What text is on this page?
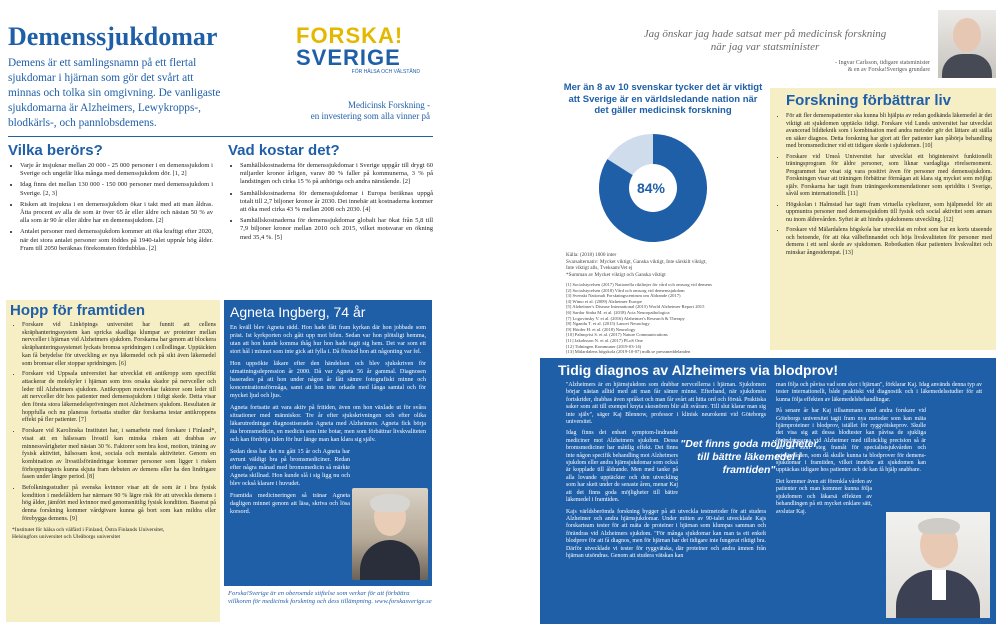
Demenssjukdomar
Demens är ett samlingsnamn på ett flertal sjukdomar i hjärnan som gör det svårt att minnas och tolka sin omgivning. De vanligaste sjukdomarna är Alzheimers, Lewykropps-, blodkärls-, och pannlobsdemens.
FORSKA!
SVERIGE
FÖR HÄLSA OCH VÄLSTÅND
Medicinsk Forskning -
en investering som alla vinner på
Vilka berörs?
• Varje år insjuknar mellan 20 000 - 25 000 personer i en demenssjukdom i Sverige och ungefär lika många med demenssjukdom dör. [1, 2]
• Idag finns det mellan 130 000 - 150 000 personer med demenssjukdom i Sverige. [2, 3]
• Risken att insjukna i en demenssjukdom ökar i takt med att man åldras. Åtta procent av alla de som är över 65 år eller äldre och nästan 50 % av alla som är 90 år eller äldre har en demenssjukdom. [2]
• Antalet personer med demenssjukdom kommer att öka kraftigt efter 2020, när det stora antalet personer som föddes på 1940-talet uppnår hög ålder. Fram till 2050 beräknas förekomsten fördubblas. [2]
Vad kostar det?
• Samhällskostnaderna för demenssjukdomar i Sverige uppgår till drygt 60 miljarder kronor årligen, varav 80 % faller på kommunerna, 3 % på landstingen och cirka 15 % på anhöriga och andra närstående. [2]
• Samhällskostnaderna för demenssjukdomar i Europa beräknas uppgå totalt till 2,7 biljoner kronor år 2030. Det innebär att kostnaderna kommer att öka med cirka 43 % mellan 2008 och 2030. [4]
• Samhällskostnaderna för demenssjukdomar globalt har ökat från 5,8 till 7,9 biljoner kronor mellan 2010 och 2015, vilket motsvarar en ökning med 35,4 %. [5]
Hopp för framtiden
• Forskare vid Linköpings universitet har funnit att cellens skräphanteringssystem kan spricka skadliga klumpar av proteiner mellan nervceller i hjärnan vid Alzheimers sjukdom. Forskarna har genom att blockera skräphanteringssystemet lyckats bromsa spridningen i cellodlingar. Upptäckten kan få betydelse för utveckling av nya läkemedel och på sikt även läkemedel som bromsar eller stoppar spridningen. [6]
• Forskare vid Uppsala universitet har utvecklat ett antikropp som specifikt attackerar de molekyler i hjärnan som tros orsaka skador på nervceller och leder till Alzheimers sjukdom. Antikroppen motverkar faktorer som leder till att nervceller dör hos patienter med demenssjukdom i tidigt skede. Detta visar den första stora läkemedelsprövningen mot Alzheimers sjukdom. Resultaten är hoppfulla och nu planeras fortsatta studier där forskarna testar antikroppens effekt på fler patienter. [7]
• Forskare vid Karolinska Institutet har, i samarbete med forskare i Finland*, visat att en hälsosam livsstil kan minska risken att drabbas av minnessvårigheter med nästan 30 %. Faktorer som bra kost, motion, träning av fysisk aktivitet, hälsosam kost, sociala och mentala aktiviteter. Genom en kombination av livsstilsförändringar kommer personer som ligger i risken förhoppningsvis kunna skjuta fram debuten av demens eller ha den lindrigare fasen under längre period. [8]
• Befolkningsstudier på svenska kvinnor visar att de som är i bra fysisk kondition i medelåldern har närmare 90 % lägre risk för att utveckla demens i hög ålder, jämfört med kvinnor med genomsnittlig fysisk kondition. Baserat på denna forskning kommer vårdgivare kunna gå bort som kan mildra eller förebygga demens. [9]
*Institutet för hälsa och välfärd i Finland, Östra Finlands Universitet,
Helsingfors universitet och Uleåborgs universitet
Agneta Ingberg, 74 år

En kväll blev Agneta rädd. Hon hade fått fram kyrkan där hon jobbade som präst. Ist kyrkporten och gått upp mot bilen. Sedan var hon plötsligt hemma, utan att hon kunde komma ihåg hur hon hade tagit sig hem. Det var som ett stort hål i minnet som inte gick att fylla i. Då förstod hon att någonting var fel.

Hon uppsökte läkare efter den händelsen och blev sjukskriven för utmattningsdepression år 2000. Då var Agneta 56 år gammal. Diagnosen baserades på att hon under någon år fått sämre fotografiskt minne och koncentrationsförmåga, samt att hon inte orkade med långa samtal och för mycket ljud och ljus.

Agneta fortsatte att vara aktiv på fritiden, även om hon växlade ut för svåra situationer med människor. Tre år efter sjukskrivningen och efter olika läkarutredningar diagnostiserades Agneta med Alzheimers. Agneta fick börja äta bromsmedicin, en medicin som inte botar, men som förbättrar livskvaliteten och kan fördröja tiden för hur länge man kan klara sig själv.

Sedan dess har det nu gått 15 år och Agneta har avrunt väldigt bra på bromsmediciner. Redan efter några månad med bromsmedicin så märkte Agneta skillnad. Hon kunde slå i sig ligg nu och blev också klarare i huvudet.

Framtida medicineringen så tränar Agneta dagligen minnet genom att läsa, skriva och lösa korsord.

Forska!Sverige är en oberoende stiftelse som verkar för att förbättra villkoren för medicinsk forskning och dess tillämpning. www.forskasverige.se
Jag önskar jag hade satsat mer på medicinsk forskning när jag var statsminister
- Ingvar Carlsson, tidigare statsminister
& en av Forska!Sveriges grundare
Mer än 8 av 10 svenskar tycker det är viktigt att Sverige är en världsledande nation när det gäller medicinsk forskning
84%
Källa: (2018) 1000 inter
Svarsalternativ: Mycket viktigt, Ganska viktigt, Inte särskilt viktigt,
Inte viktigt alls, Tveksam/Vet ej
*Summan av Mycket viktigt och Ganska viktigt
[1] Socialstyrelsen (2017) Nationella riktlinjer för vård och omsorg vid demens
[2] Socialstyrelsen (2018) Vård och omsorg vid demenssjukdom
[3] Svenskt Nationalt Forskningscentrum om Åldrande (2017)
[4] Wimo et al. (2009) Alzheimer Europe
[5] Alzheimer's Disease International (2015) World Alzheimer Report 2015
[6] Sardar Sinha M. et al. (2018) Acta Neuropathologica
[7] Logovinsky V. et al. (2016) Alzheimer's Research & Therapy
[8] Ngandu T. et al. (2015) Lancet Neurology
[9] Hörder H. et al. (2018) Neurology
[10] Palmqvist S. et al. (2017) Nature Communications
[11] Jakobsson N. et al. (2017) PLoS One
[12] Tidningen Kommuner (2019-03-14)
[13] Mälardalens högskola (2019-10-07) mdh.se pressmeddelanden
Forskning förbättrar liv
• För att fler demenspatienter ska kunna bli hjälpta av redan godkända läkemedel är det viktigt att sjukdomen upptäcks tidigt. Forskare vid Lunds universitet har utvecklat avancerad bildteknik som i kombination med andra metoder gör det lättare att ställa en säker diagnos. Detta forskning har gjort att fler patienter kan påbörja behandling med bromsmediciner vid ett tidigare skede i sjukdomen. [10]
• Forskare vid Umeå Universitet har utvecklat ett högintensivt funktionellt träningsprogram för äldre personer, som liknar vardagliga rörelsemoment. Programmet har visat sig vara positivt även för personer med demenssjukdom. Forskningen visar att träningen förbättrar förmågan att klara sig mycket som möjligt själv. Forskarna har tagit fram träningsrekommendationer som spriddits i Sverige, såväl som internationellt. [11]
• Högskolan i Halmstad har tagit fram virtuella cykelturer, som hjälpmedel för att uppmuntra personer med demenssjukdom till fysisk och social aktivitet som annars nu inom äldrevården. Syftet är att hindra sjukdomens utveckling. [12]
• Forskare vid Mälardalens högskola har utvecklat en robot som har en korts utseende och betoende, för att öka välbefinnandet och höja livskvaliteten för personer med demens i ett senl skede av sjukdomen. Robotkatten ökar patienters livskvalitet och minskar ångestdempat. [13]
Tidig diagnos av Alzheimers via blodprov!

"Alzheimers är en hjärnsjukdom som drabbar nervcellerna i hjärnan. Sjukdomen börjar nästan alltid med att man får sämre minne. Efterhand, när sjukdomen fortskrider, drabbas även språket och man får svårt att hitta ord och förstå. Praktiska saker som att till exempel knyta skosnören blir allt svårare. Till slut klarar man sig inte själv", säger Kaj Blennow, professor i klinisk neurokemi vid Göteborgs universitet.

Idag finns det enbart symptom-lindrande mediciner mot Alzheimers sjukdom. Dessa bromsmediciner har måttlig effekt. Det finns inte någon specifik behandling mot Alzheimers sjukdom eller andra hjärnsjukdomar som också är kopplade till åldrande. Men med tanke på alla lovande upptäckter och den utveckling som har skett under de senaste åren, menar Kaj att det finns goda möjligheter till bättre läkemedel i framtiden.

Kajs världsberömda forskning bygger på att utveckla testmetoder för att studera Alzheimer och andra hjärnsjukdomar. Under mitten av 90-talet utvecklade Kajs forskarteam tester för att mäta de proteiner i hjärnan som klumpas samman och förändras vid Alzheimers sjukdom. "För många sjukdomar kan man ta ett enkelt blodprov för att få diagnos, men för hjärnan har det tidigare inte fungerat riktigt bra. Därför utvecklade vi tester för ryggvätska, där proteiner och andra ämnen från hjärnan utsöndras. Genom att studera vätskan kan

"Det finns goda möjligheter till bättre läkemedel i framtiden"

man följa och påvisa vad som sker i hjärnan", förklarar Kaj. Idag används denna typ av tester internationellt, både praktiskt vid diagnostik och i läkemedelsstudier för att kunna följa effekten av läkemedelsbehandlingar.

På senare år har Kaj tillsammans med andra forskare vid Göteborgs universitet tagit fram nya metoder som kan mäta hjärnproteiner i blodprov, istället för ryggvätskeprov. Skulle det visa sig att dessa blodtester kan påvisa de sjukliga förändringarna vid Alzheimer med tillräcklig precision så är det ett stort steg framåt för specialistsjukvården och primärvården, som då skulle kunna ta blodprover för demens-sjukdomar i framtiden, vilket innebär att sjukdomen kan upptäckas tidigare hos patienter och de kan få hjälp snabbare.

Det kommer även att förenkla vården av patienter och man kommer kunna följa sjukdomen och läkarsä effekten av behandlingen på ett mycket enklare sätt, avslutar Kaj.
